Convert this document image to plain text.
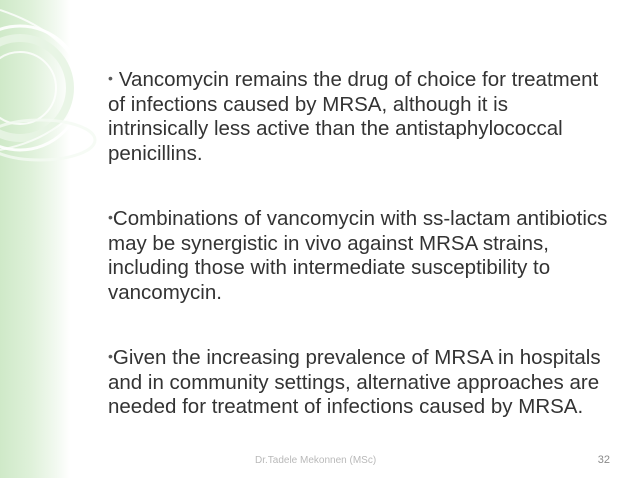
• Vancomycin remains the drug of choice for treatment of infections caused by MRSA, although it is intrinsically less active than the antistaphylococcal penicillins.

•Combinations of vancomycin with ss-lactam antibiotics may be synergistic in vivo against MRSA strains, including those with intermediate susceptibility to vancomycin.

•Given the increasing prevalence of MRSA in hospitals and in community settings, alternative approaches are needed for treatment of infections caused by MRSA.

Dr.Tadele Mekonnen (MSc)	32
